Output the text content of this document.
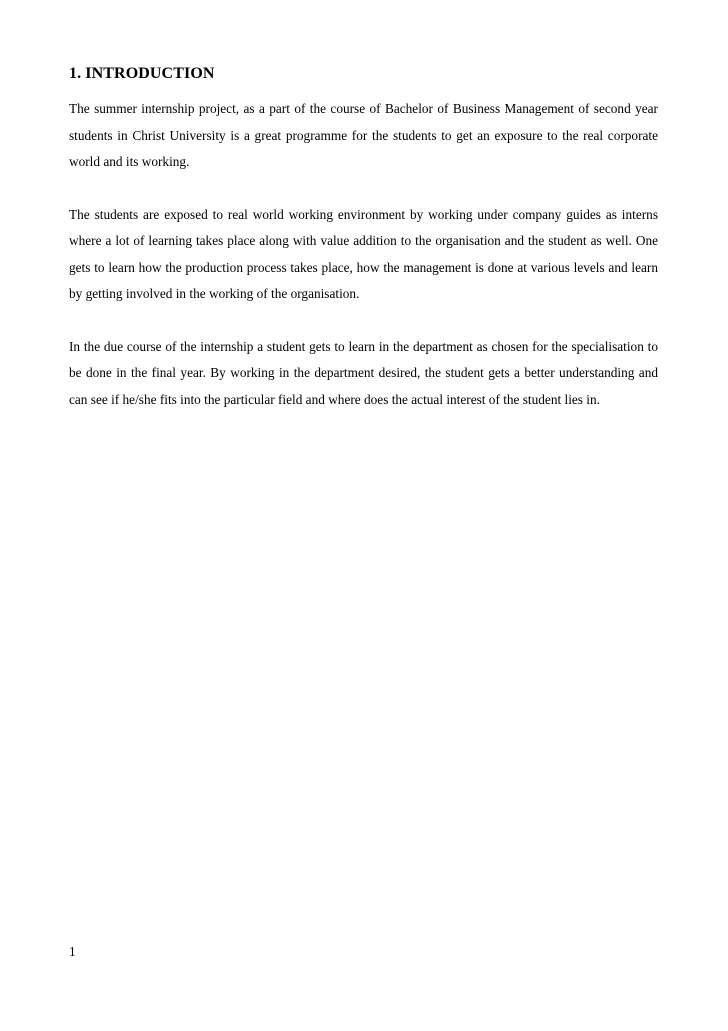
1. INTRODUCTION

The summer internship project, as a part of the course of Bachelor of Business Management of second year students in Christ University is a great programme for the students to get an exposure to the real corporate world and its working.

The students are exposed to real world working environment by working under company guides as interns where a lot of learning takes place along with value addition to the organisation and the student as well. One gets to learn how the production process takes place, how the management is done at various levels and learn by getting involved in the working of the organisation.

In the due course of the internship a student gets to learn in the department as chosen for the specialisation to be done in the final year. By working in the department desired, the student gets a better understanding and can see if he/she fits into the particular field and where does the actual interest of the student lies in.

1
